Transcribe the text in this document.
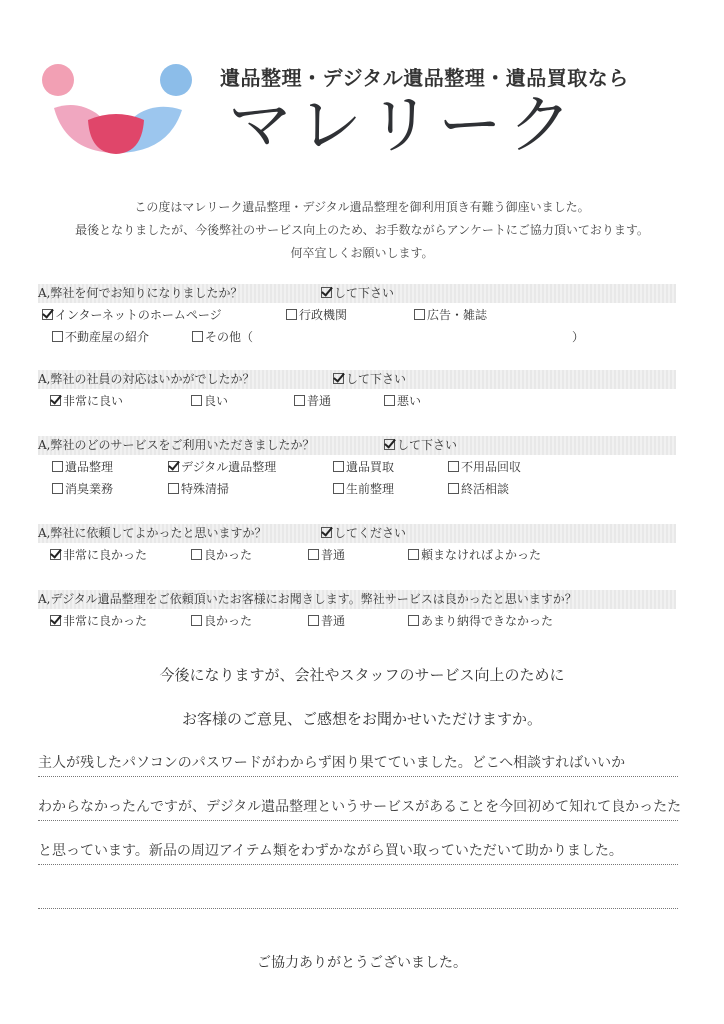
遺品整理・デジタル遺品整理・遺品買取なら
マレリーク
この度はマレリーク遺品整理・デジタル遺品整理を御利用頂き有難う御座いました。
最後となりましたが、今後弊社のサービス向上のため、お手数ながらアンケートにご協力頂いております。
何卒宜しくお願いします。
A,弊社を何でお知りになりましたか？	して下さい
インターネットのホームページ	行政機関	広告・雑誌
不動産屋の紹介	その他（	）
A,弊社の社員の対応はいかがでしたか？	して下さい
非常に良い	良い	普通	悪い
A,弊社のどのサービスをご利用いただきましたか？	して下さい
遺品整理	デジタル遺品整理	遺品買取	不用品回収
消臭業務	特殊清掃	生前整理	終活相談
A,弊社に依頼してよかったと思いますか？	してください
非常に良かった	良かった	普通	頼まなければよかった
A,デジタル遺品整理をご依頼頂いたお客様にお聞きします。弊社サービスは良かったと思いますか？
非常に良かった	良かった	普通	あまり納得できなかった
今後になりますが、会社やスタッフのサービス向上のために
お客様のご意見、ご感想をお聞かせいただけますか。
主人が残したパソコンのパスワードがわからず困り果てていました。どこへ相談すればいいか
わからなかったんですが、デジタル遺品整理というサービスがあることを今回初めて知れて良かったた
と思っています。新品の周辺アイテム類をわずかながら買い取っていただいて助かりました。
ご協力ありがとうございました。
